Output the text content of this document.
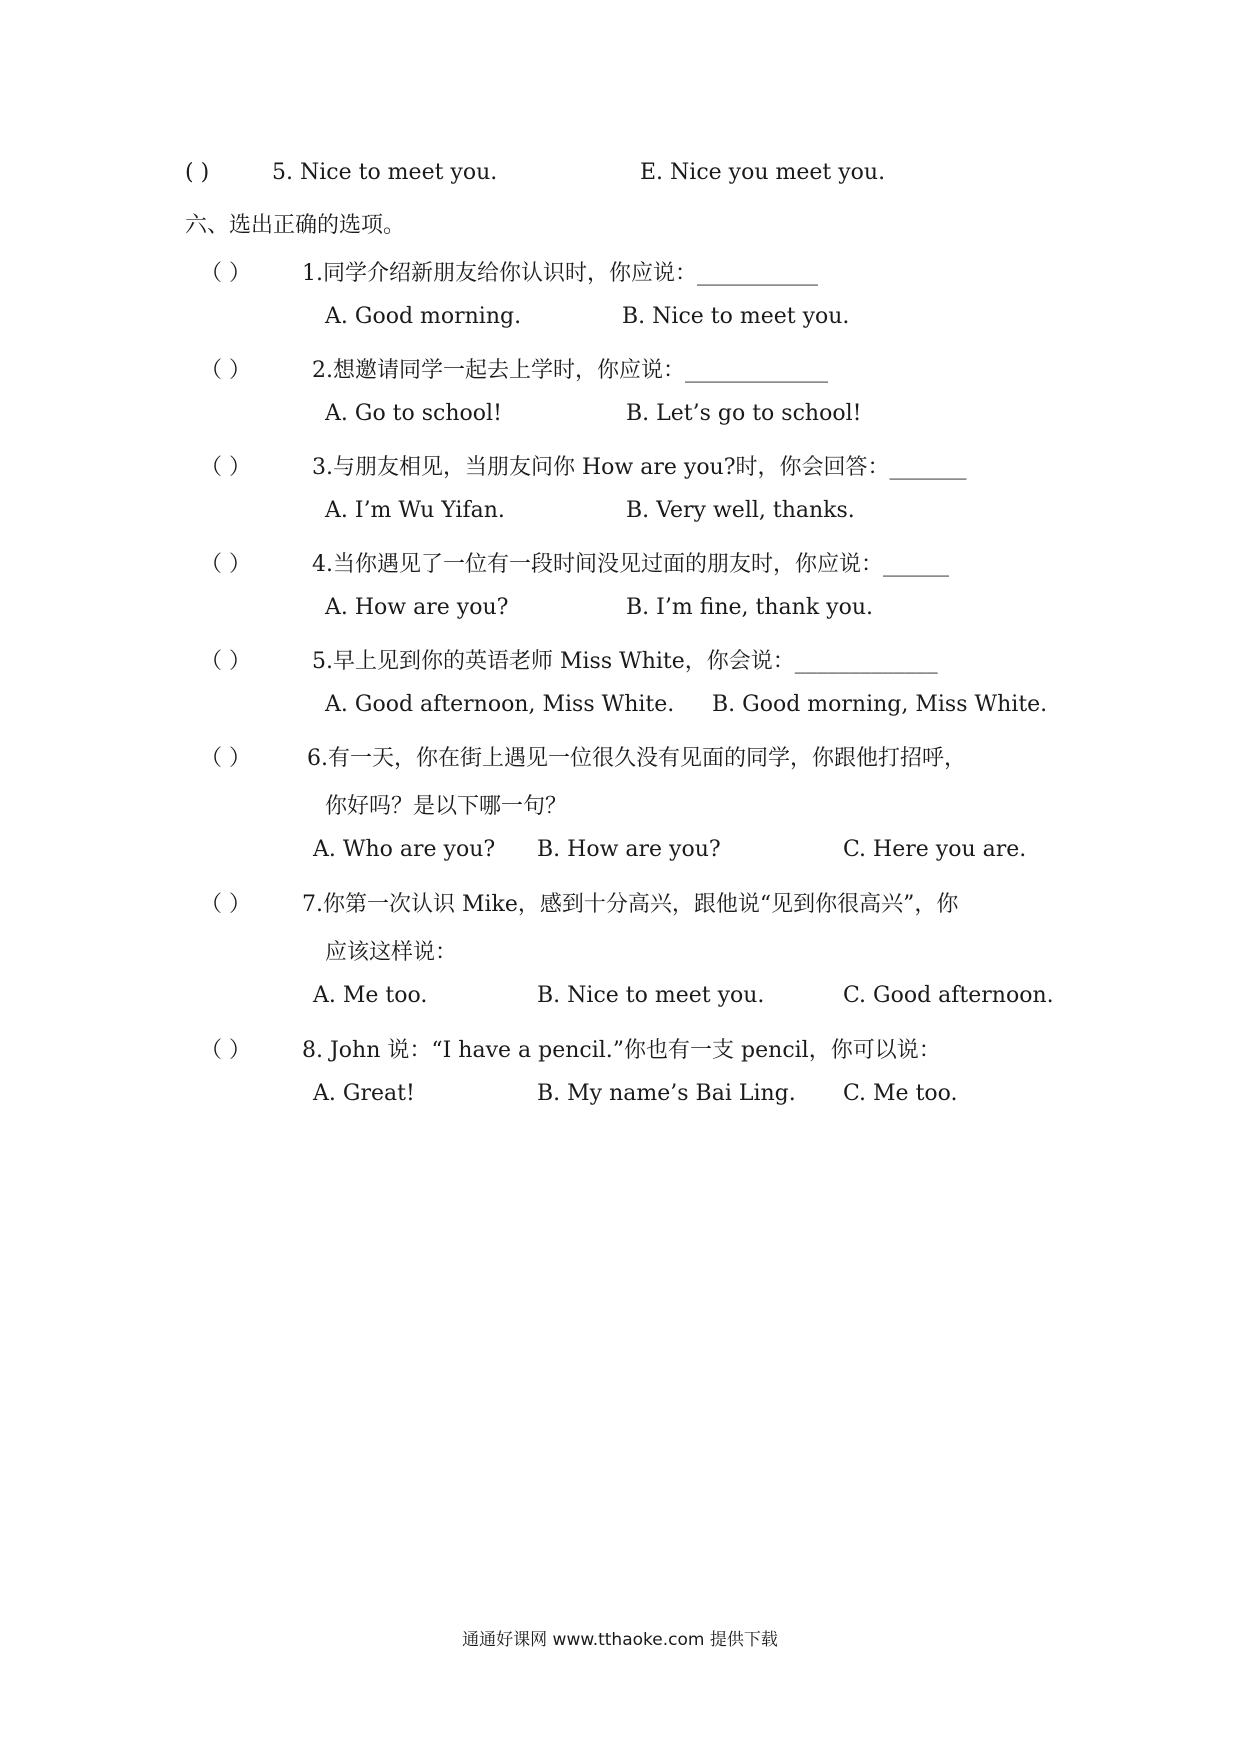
( )	5. Nice to meet you.	E. Nice you meet you.
六、选出正确的选项。
（ ） 1.同学介绍新朋友给你认识时，你应说：___________
A. Good morning.	B. Nice to meet you.
（ ）	2.想邀请同学一起去上学时，你应说：_____________
A. Go to school!	B. Let’s go to school!
（ ）	3.与朋友相见，当朋友问你 How are you?时，你会回答：_______
A. I’m Wu Yifan.	B. Very well, thanks.
（ ）	4.当你遇见了一位有一段时间没见过面的朋友时，你应说：______
A. How are you?	B. I’m fine, thank you.
（ ）	5.早上见到你的英语老师 Miss White，你会说：_____________
A. Good afternoon, Miss White. B. Good morning, Miss White.
（ ）	6.有一天，你在街上遇见一位很久没有见面的同学，你跟他打招呼，
你好吗？是以下哪一句？
A. Who are you? B. How are you?	C. Here you are.
（ ） 7.你第一次认识 Mike，感到十分高兴，跟他说“见到你很高兴”，你
应该这样说：
A. Me too.	B. Nice to meet you.	C. Good afternoon.
（ ） 8. John 说：“I have a pencil.”你也有一支 pencil，你可以说：
A. Great!	B. My name’s Bai Ling. C. Me too.
通通好课网 www.tthaoke.com 提供下载
